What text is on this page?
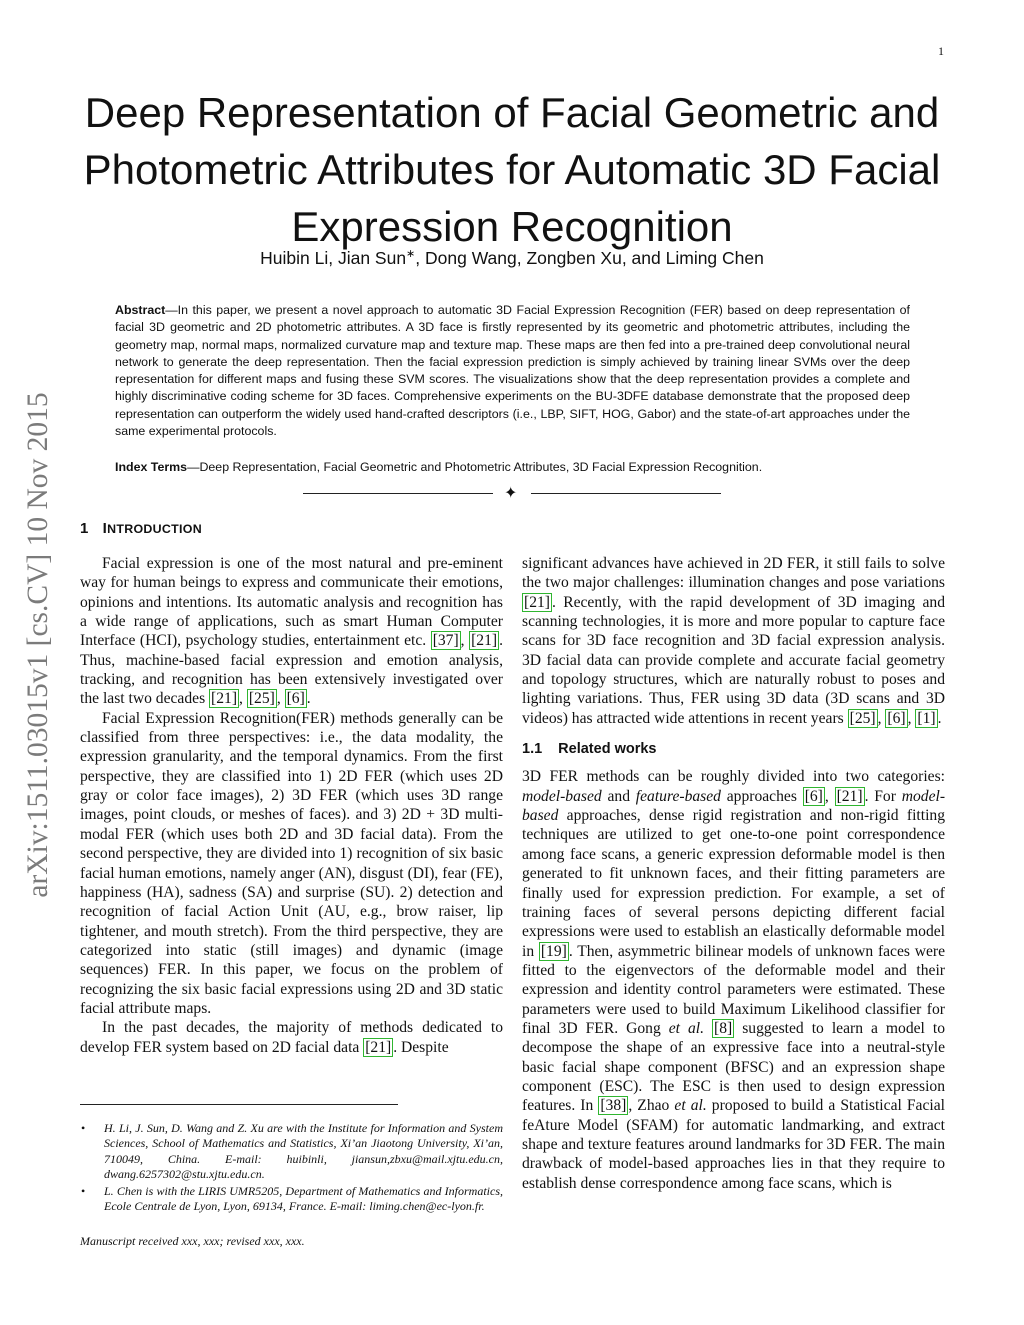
1
arXiv:1511.03015v1 [cs.CV] 10 Nov 2015
Deep Representation of Facial Geometric and Photometric Attributes for Automatic 3D Facial Expression Recognition
Huibin Li, Jian Sun∗, Dong Wang, Zongben Xu, and Liming Chen
Abstract—In this paper, we present a novel approach to automatic 3D Facial Expression Recognition (FER) based on deep representation of facial 3D geometric and 2D photometric attributes. A 3D face is firstly represented by its geometric and photometric attributes, including the geometry map, normal maps, normalized curvature map and texture map. These maps are then fed into a pre-trained deep convolutional neural network to generate the deep representation. Then the facial expression prediction is simply achieved by training linear SVMs over the deep representation for different maps and fusing these SVM scores. The visualizations show that the deep representation provides a complete and highly discriminative coding scheme for 3D faces. Comprehensive experiments on the BU-3DFE database demonstrate that the proposed deep representation can outperform the widely used hand-crafted descriptors (i.e., LBP, SIFT, HOG, Gabor) and the state-of-art approaches under the same experimental protocols.
Index Terms—Deep Representation, Facial Geometric and Photometric Attributes, 3D Facial Expression Recognition.
✦
1 INTRODUCTION

Facial expression is one of the most natural and pre-eminent way for human beings to express and communicate their emotions, opinions and intentions. Its automatic analysis and recognition has a wide range of applications, such as smart Human Computer Interface (HCI), psychology studies, entertainment etc. [37] , [21] . Thus, machine-based facial expression and emotion analysis, tracking, and recognition has been extensively investigated over the last two decades [21] , [25] , [6] .

Facial Expression Recognition(FER) methods generally can be classified from three perspectives: i.e., the data modality, the expression granularity, and the temporal dynamics. From the first perspective, they are classified into 1) 2D FER (which uses 2D gray or color face images), 2) 3D FER (which uses 3D range images, point clouds, or meshes of faces). and 3) 2D + 3D multi-modal FER (which uses both 2D and 3D facial data). From the second perspective, they are divided into 1) recognition of six basic facial human emotions, namely anger (AN), disgust (DI), fear (FE), happiness (HA), sadness (SA) and surprise (SU). 2) detection and recognition of facial Action Unit (AU, e.g., brow raiser, lip tightener, and mouth stretch). From the third perspective, they are categorized into static (still images) and dynamic (image sequences) FER. In this paper, we focus on the problem of recognizing the six basic facial expressions using 2D and 3D static facial attribute maps.

In the past decades, the majority of methods dedicated to develop FER system based on 2D facial data [21] . Despite

significant advances have achieved in 2D FER, it still fails to solve the two major challenges: illumination changes and pose variations [21] . Recently, with the rapid development of 3D imaging and scanning technologies, it is more and more popular to capture face scans for 3D face recognition and 3D facial expression analysis. 3D facial data can provide complete and accurate facial geometry and topology structures, which are naturally robust to poses and lighting variations. Thus, FER using 3D data (3D scans and 3D videos) has attracted wide attentions in recent years [25] , [6] , [1] .

1.1 Related works

3D FER methods can be roughly divided into two categories: model-based and feature-based approaches [6] , [21] . For model-based approaches, dense rigid registration and non-rigid fitting techniques are utilized to get one-to-one point correspondence among face scans, a generic expression deformable model is then generated to fit unknown faces, and their fitting parameters are finally used for expression prediction. For example, a set of training faces of several persons depicting different facial expressions were used to establish an elastically deformable model in [19] . Then, asymmetric bilinear models of unknown faces were fitted to the eigenvectors of the deformable model and their expression and identity control parameters were estimated. These parameters were used to build Maximum Likelihood classifier for final 3D FER. Gong et al. [8] suggested to learn a model to decompose the shape of an expressive face into a neutral-style basic facial shape component (BFSC) and an expression shape component (ESC). The ESC is then used to design expression features. In [38] , Zhao et al. proposed to build a Statistical Facial feAture Model (SFAM) for automatic landmarking, and extract shape and texture features around landmarks for 3D FER. The main drawback of model-based approaches lies in that they require to establish dense correspondence among face scans, which is

• H. Li, J. Sun, D. Wang and Z. Xu are with the Institute for Information and System Sciences, School of Mathematics and Statistics, Xi’an Jiaotong University, Xi’an, 710049, China. E-mail: huibinli, jiansun,zbxu@mail.xjtu.edu.cn, dwang.6257302@stu.xjtu.edu.cn.
• L. Chen is with the LIRIS UMR5205, Department of Mathematics and Informatics, Ecole Centrale de Lyon, Lyon, 69134, France. E-mail: liming.chen@ec-lyon.fr.
Manuscript received xxx, xxx; revised xxx, xxx.
